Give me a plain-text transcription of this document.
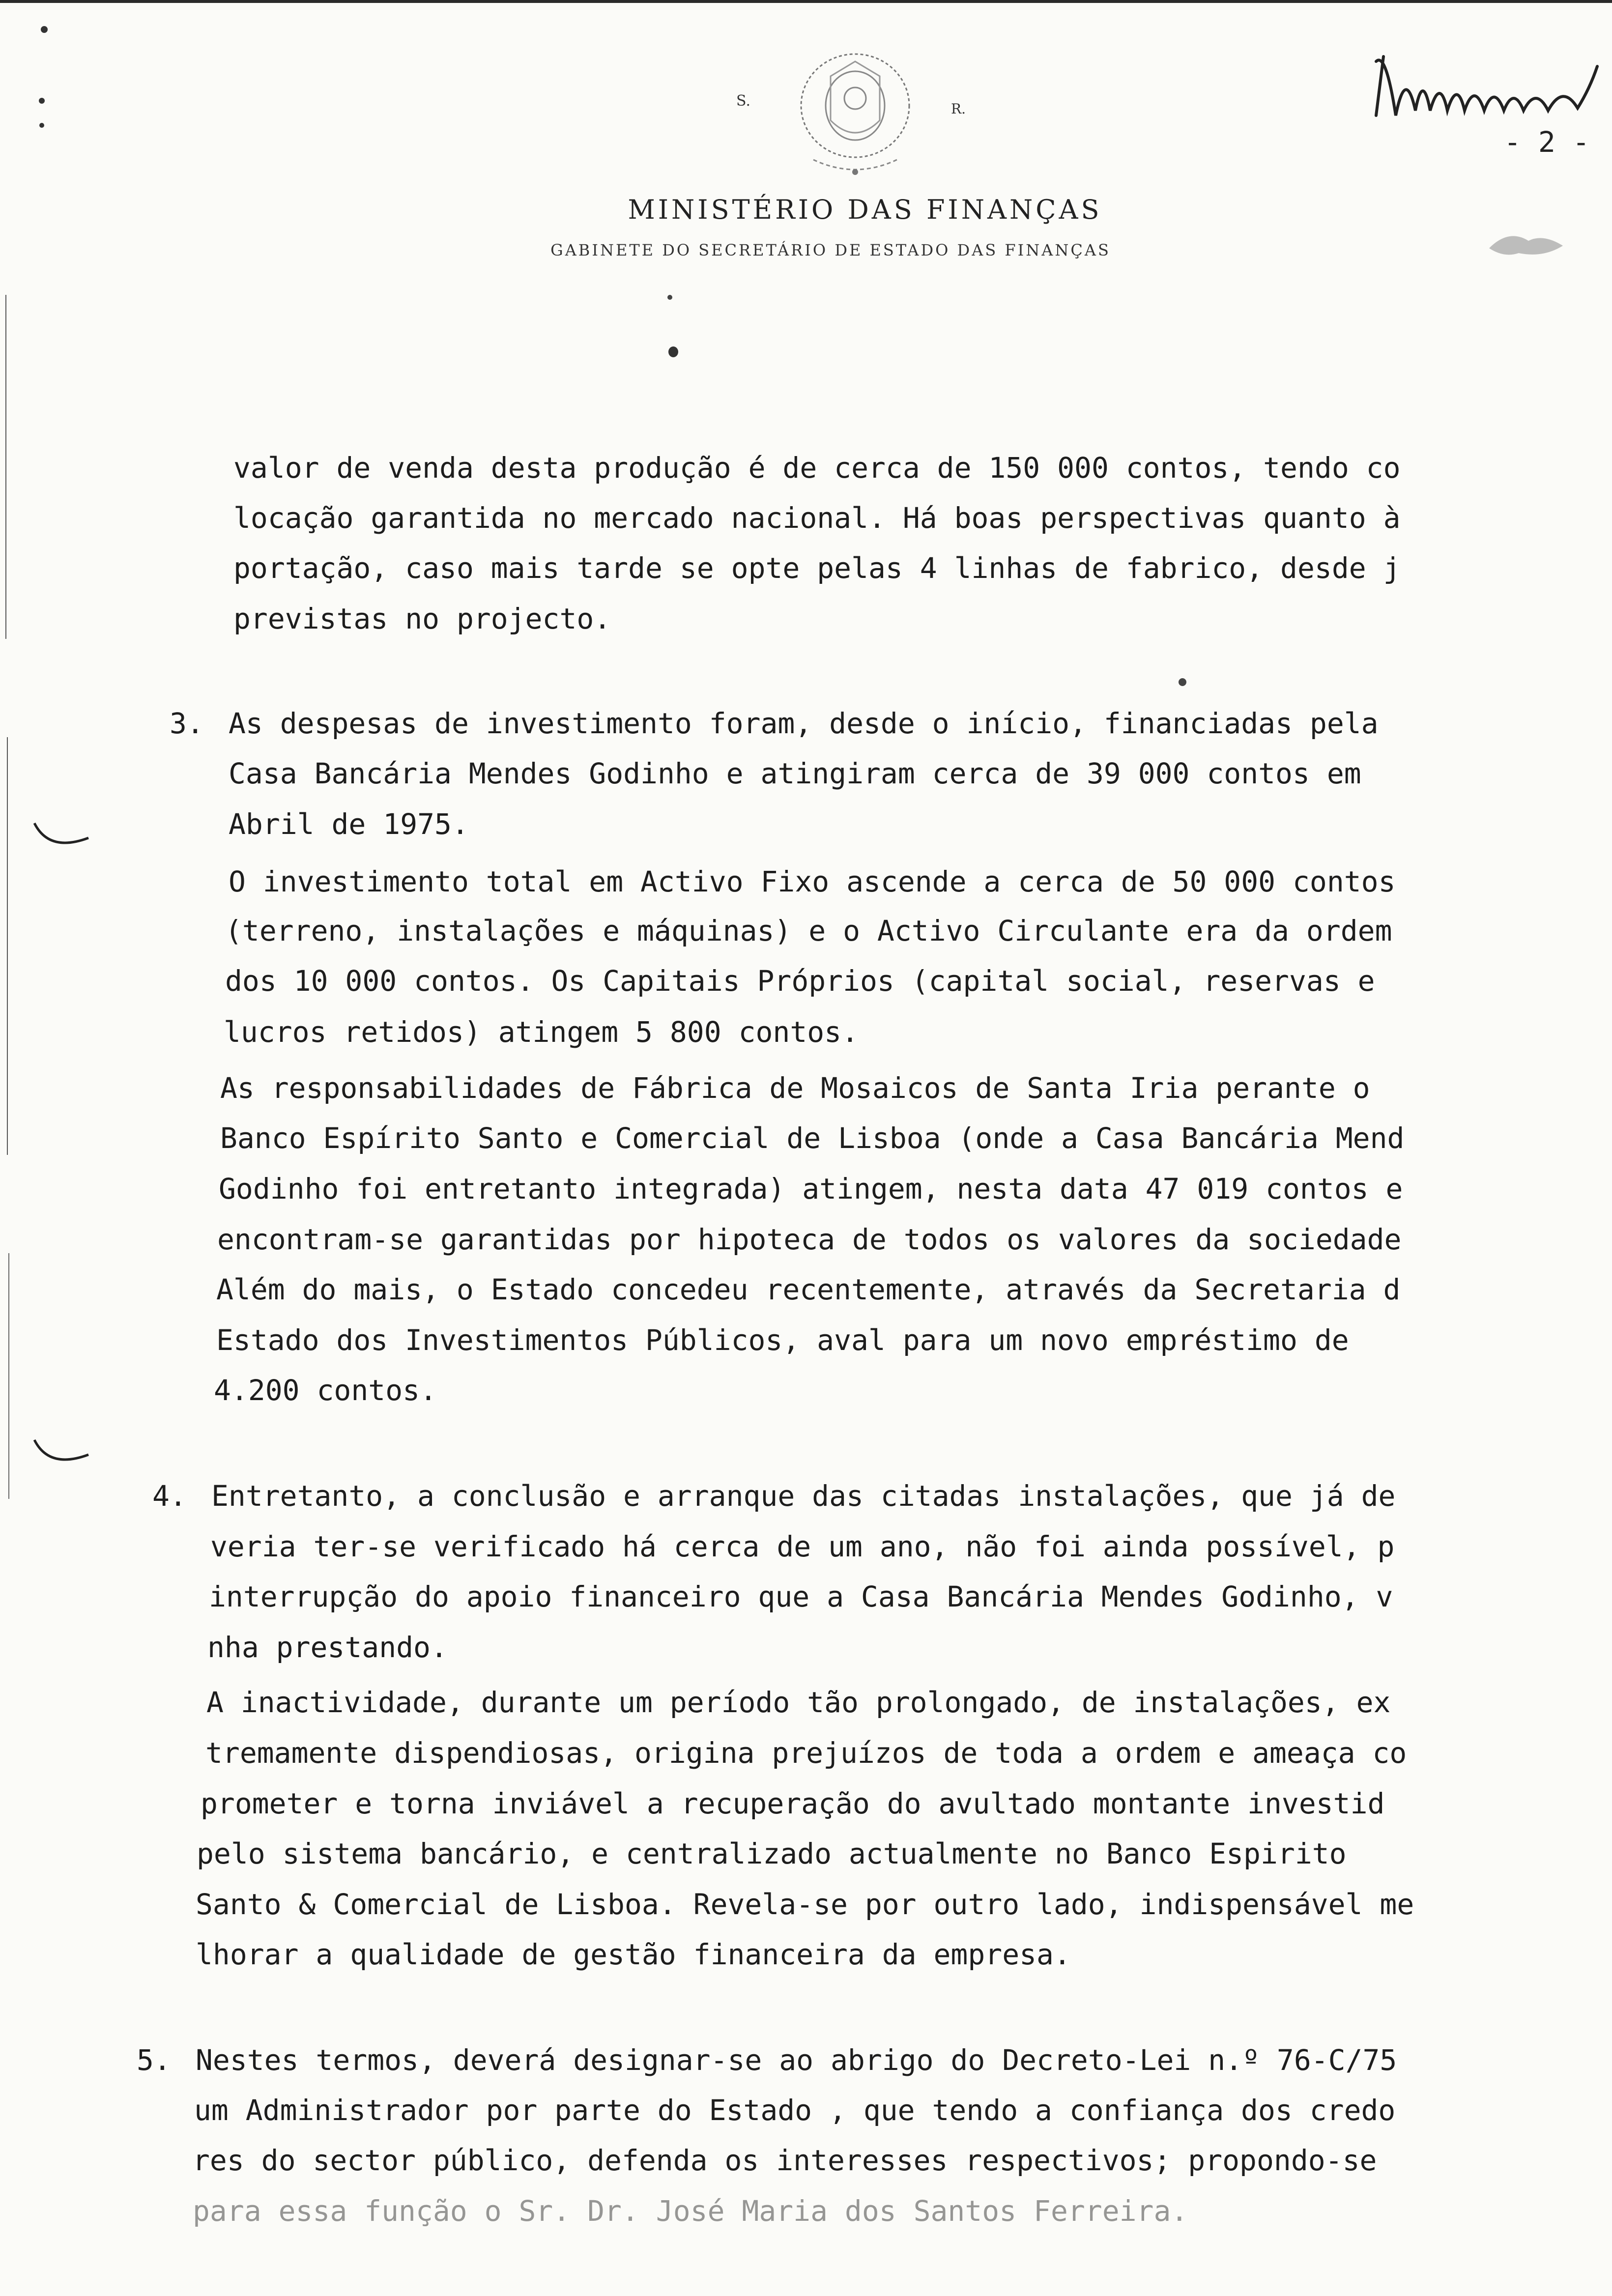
S.	R.
MINISTÉRIO DAS FINANÇAS
GABINETE DO SECRETÁRIO DE ESTADO DAS FINANÇAS
- 2 -
valor de venda desta produção é de cerca de 150 000 contos, tendo co
locação garantida no mercado nacional. Há boas perspectivas quanto à
portação, caso mais tarde se opte pelas 4 linhas de fabrico, desde j
previstas no projecto.
3. As despesas de investimento foram, desde o início, financiadas pela
Casa Bancária Mendes Godinho e atingiram cerca de 39 000 contos em
Abril de 1975.
O investimento total em Activo Fixo ascende a cerca de 50 000 contos
(terreno, instalações e máquinas) e o Activo Circulante era da ordem
dos 10 000 contos. Os Capitais Próprios (capital social, reservas e
lucros retidos) atingem 5 800 contos.
As responsabilidades de Fábrica de Mosaicos de Santa Iria perante o
Banco Espírito Santo e Comercial de Lisboa (onde a Casa Bancária Mend
Godinho foi entretanto integrada) atingem, nesta data 47 019 contos e
encontram-se garantidas por hipoteca de todos os valores da sociedade
Além do mais, o Estado concedeu recentemente, através da Secretaria d
Estado dos Investimentos Públicos, aval para um novo empréstimo de
4.200 contos.
4. Entretanto, a conclusão e arranque das citadas instalações, que já de
veria ter-se verificado há cerca de um ano, não foi ainda possível, p
interrupção do apoio financeiro que a Casa Bancária Mendes Godinho, v
nha prestando.
A inactividade, durante um período tão prolongado, de instalações, ex
tremamente dispendiosas, origina prejuízos de toda a ordem e ameaça co
prometer e torna inviável a recuperação do avultado montante investid
pelo sistema bancário, e centralizado actualmente no Banco Espirito
Santo & Comercial de Lisboa. Revela-se por outro lado, indispensável me
lhorar a qualidade de gestão financeira da empresa.
5. Nestes termos, deverá designar-se ao abrigo do Decreto-Lei n.º 76-C/75
um Administrador por parte do Estado , que tendo a confiança dos credo
res do sector público, defenda os interesses respectivos; propondo-se
para essa função o Sr. Dr. José Maria dos Santos Ferreira.
